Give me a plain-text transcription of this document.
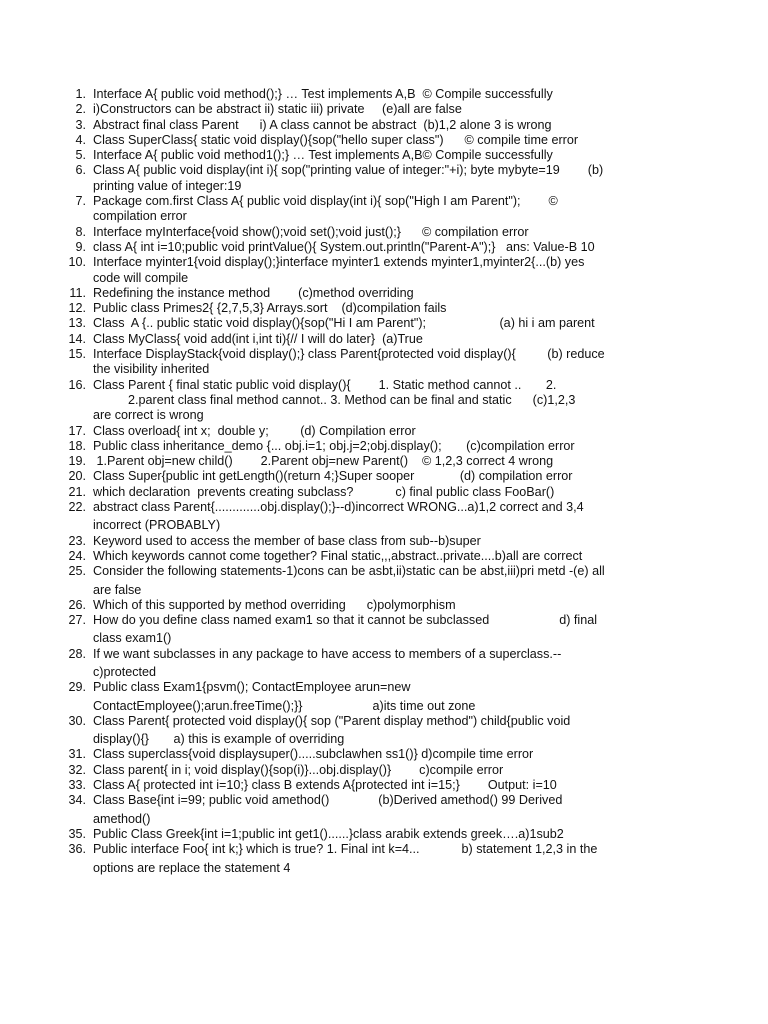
1. Interface A{ public void method();} … Test implements A,B  © Compile successfully
2. i)Constructors can be abstract ii) static iii) private     (e)all are false
3. Abstract final class Parent      i) A class cannot be abstract  (b)1,2 alone 3 is wrong
4. Class SuperClass{ static void display(){sop("hello super class")      © compile time error
5. Interface A{ public void method1();} … Test implements A,B© Compile successfully
6. Class A{ public void display(int i){ sop("printing value of integer:"+i); byte mybyte=19        (b)
printing value of integer:19
7. Package com.first Class A{ public void display(int i){ sop("High I am Parent");        ©
compilation error
8. Interface myInterface{void show();void set();void just();}      © compilation error
9. class A{ int i=10;public void printValue(){ System.out.println("Parent-A");}   ans: Value-B 10
10. Interface myinter1{void display();}interface myinter1 extends myinter1,myinter2{...(b) yes
code will compile
11. Redefining the instance method        (c)method overriding
12. Public class Primes2{ {2,7,5,3} Arrays.sort    (d)compilation fails
13. Class  A {.. public static void display(){sop("Hi I am Parent");                     (a) hi i am parent
14. Class MyClass{ void add(int i,int ti){// I will do later}  (a)True
15. Interface DisplayStack{void display();} class Parent{protected void display(){         (b) reduce
the visibility inherited
16. Class Parent { final static public void display(){        1. Static method cannot ..       2.
2.parent class final method cannot.. 3. Method can be final and static      (c)1,2,3
are correct is wrong
17. Class overload{ int x;  double y;         (d) Compilation error
18. Public class inheritance_demo {... obj.i=1; obj.j=2;obj.display();       (c)compilation error
19. 1.Parent obj=new child()        2.Parent obj=new Parent()    © 1,2,3 correct 4 wrong
20. Class Super{public int getLength()(return 4;}Super sooper             (d) compilation error
21. which declaration  prevents creating subclass?            c) final public class FooBar()
22. abstract class Parent{.............obj.display();}--d)incorrect WRONG...a)1,2 correct and 3,4
incorrect (PROBABLY)
23. Keyword used to access the member of base class from sub--b)super
24. Which keywords cannot come together? Final static,,,abstract..private....b)all are correct
25. Consider the following statements-1)cons can be asbt,ii)static can be abst,iii)pri metd -(e) all
are false
26. Which of this supported by method overriding      c)polymorphism
27. How do you define class named exam1 so that it cannot be subclassed                    d) final
class exam1()
28. If we want subclasses in any package to have access to members of a superclass.--
c)protected
29. Public class Exam1{psvm(); ContactEmployee arun=new
ContactEmployee();arun.freeTime();}}                    a)its time out zone
30. Class Parent{ protected void display(){ sop ("Parent display method") child{public void
display(){}       a) this is example of overriding
31. Class superclass{void displaysuper().....subclawhen ss1()} d)compile time error
32. Class parent{ in i; void display(){sop(i)}...obj.display()}        c)compile error
33. Class A{ protected int i=10;} class B extends A{protected int i=15;}        Output: i=10
34. Class Base{int i=99; public void amethod()              (b)Derived amethod() 99 Derived
amethod()
35. Public Class Greek{int i=1;public int get1()......}class arabik extends greek….a)1sub2
36. Public interface Foo{ int k;} which is true? 1. Final int k=4...            b) statement 1,2,3 in the
options are replace the statement 4
